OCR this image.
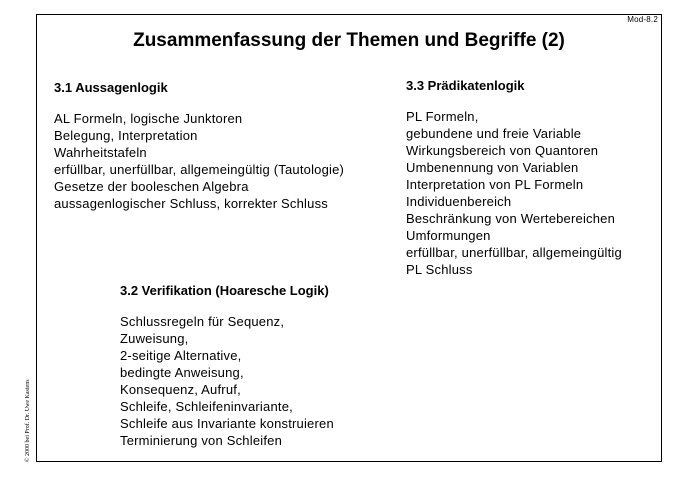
Mod-8.2
Zusammenfassung der Themen und Begriffe (2)
3.1 Aussagenlogik
AL Formeln, logische Junktoren
Belegung, Interpretation
Wahrheitstafeln
erfüllbar, unerfüllbar, allgemeingültig (Tautologie)
Gesetze der booleschen Algebra
aussagenlogischer Schluss, korrekter Schluss
3.3 Prädikatenlogik
PL Formeln,
gebundene und freie Variable
Wirkungsbereich von Quantoren
Umbenennung von Variablen
Interpretation von PL Formeln
Individuenbereich
Beschränkung von Wertebereichen
Umformungen
erfüllbar, unerfüllbar, allgemeingültig
PL Schluss
3.2 Verifikation (Hoaresche Logik)
Schlussregeln für Sequenz,
Zuweisung,
2-seitige Alternative,
bedingte Anweisung,
Konsequenz, Aufruf,
Schleife, Schleifeninvariante,
Schleife aus Invariante konstruieren
Terminierung von Schleifen
© 2000 bei Prof. Dr. Uwe Kastens
